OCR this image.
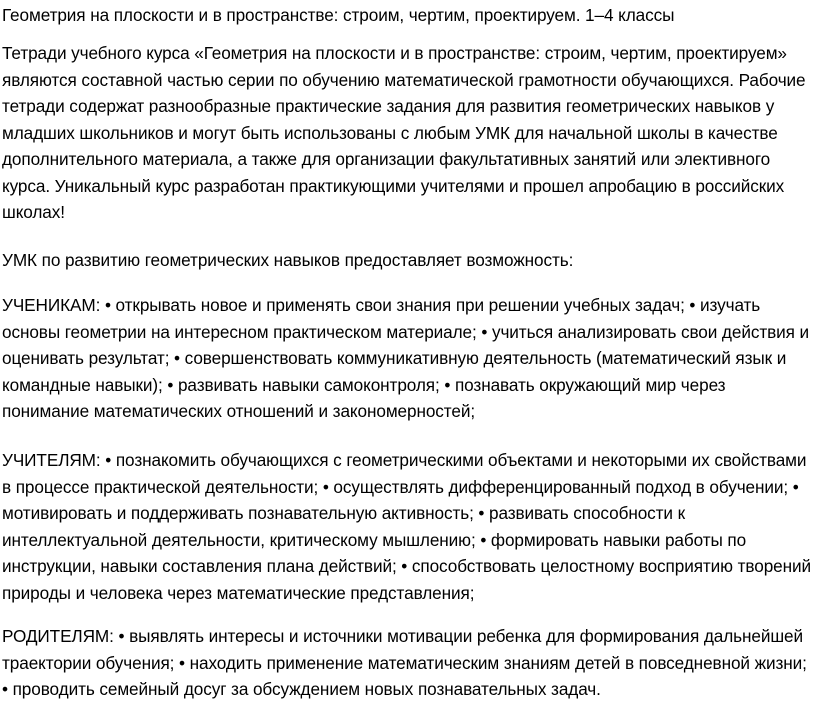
Геометрия на плоскости и в пространстве: строим, чертим, проектируем. 1–4 классы

Тетради учебного курса «Геометрия на плоскости и в пространстве: строим, чертим, проектируем» являются составной частью серии по обучению математической грамотности обучающихся. Рабочие тетради содержат разнообразные практические задания для развития геометрических навыков у младших школьников и могут быть использованы с любым УМК для начальной школы в качестве дополнительного материала, а также для организации факультативных занятий или элективного курса. Уникальный курс разработан практикующими учителями и прошел апробацию в российских школах!

УМК по развитию геометрических навыков предоставляет возможность:

УЧЕНИКАМ: • открывать новое и применять свои знания при решении учебных задач; • изучать основы геометрии на интересном практическом материале; • учиться анализировать свои действия и оценивать результат; • совершенствовать коммуникативную деятельность (математический язык и командные навыки); • развивать навыки самоконтроля; • познавать окружающий мир через понимание математических отношений и закономерностей;

УЧИТЕЛЯМ: • познакомить обучающихся с геометрическими объектами и некоторыми их свойствами в процессе практической деятельности; • осуществлять дифференцированный подход в обучении; • мотивировать и поддерживать познавательную активность; • развивать способности к интеллектуальной деятельности, критическому мышлению; • формировать навыки работы по инструкции, навыки составления плана действий; • способствовать целостному восприятию творений природы и человека через математические представления;

РОДИТЕЛЯМ: • выявлять интересы и источники мотивации ребенка для формирования дальнейшей траектории обучения; • находить применение математическим знаниям детей в повседневной жизни; • проводить семейный досуг за обсуждением новых познавательных задач.
